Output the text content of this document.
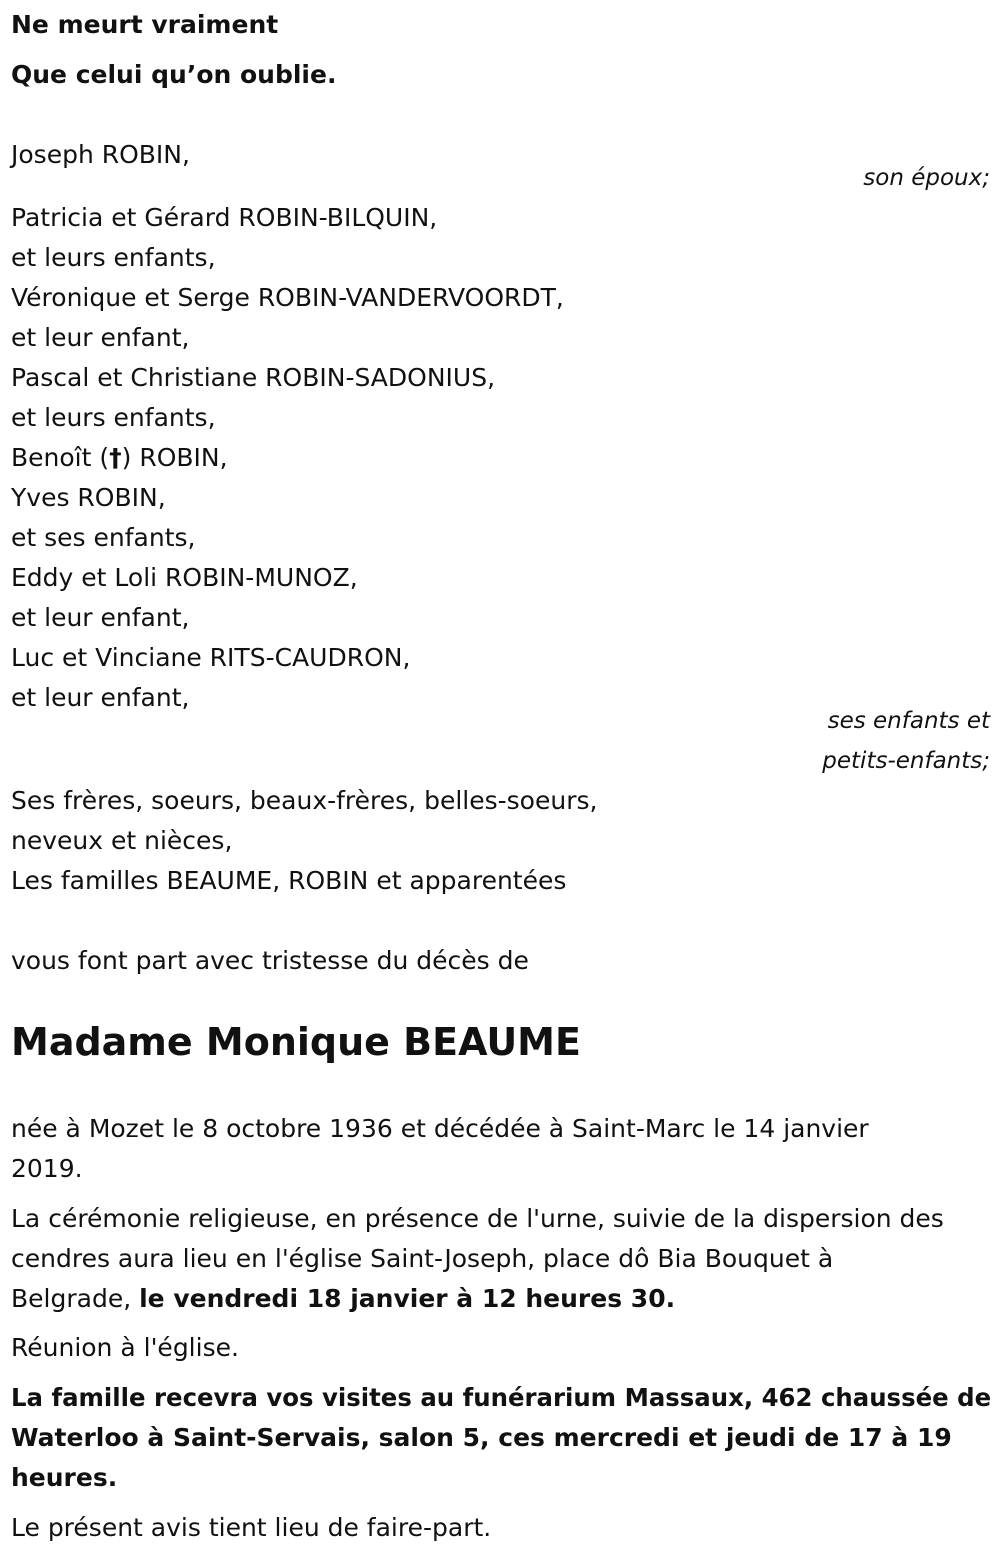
Ne meurt vraiment
Que celui qu’on oublie.
Joseph ROBIN,
son époux;
Patricia et Gérard ROBIN-BILQUIN,
et leurs enfants,
Véronique et Serge ROBIN-VANDERVOORDT,
et leur enfant,
Pascal et Christiane ROBIN-SADONIUS,
et leurs enfants,
Benoît (†) ROBIN,
Yves ROBIN,
et ses enfants,
Eddy et Loli ROBIN-MUNOZ,
et leur enfant,
Luc et Vinciane RITS-CAUDRON,
et leur enfant,
ses enfants et
petits-enfants;
Ses frères, soeurs, beaux-frères, belles-soeurs,
neveux et nièces,
Les familles BEAUME, ROBIN et apparentées
vous font part avec tristesse du décès de
Madame Monique BEAUME
née à Mozet le 8 octobre 1936 et décédée à Saint-Marc le 14 janvier
2019.
La cérémonie religieuse, en présence de l'urne, suivie de la dispersion des
cendres aura lieu en l'église Saint-Joseph, place dô Bia Bouquet à
Belgrade, le vendredi 18 janvier à 12 heures 30.
Réunion à l'église.
La famille recevra vos visites au funérarium Massaux, 462 chaussée de
Waterloo à Saint-Servais, salon 5, ces mercredi et jeudi de 17 à 19
heures.
Le présent avis tient lieu de faire-part.
